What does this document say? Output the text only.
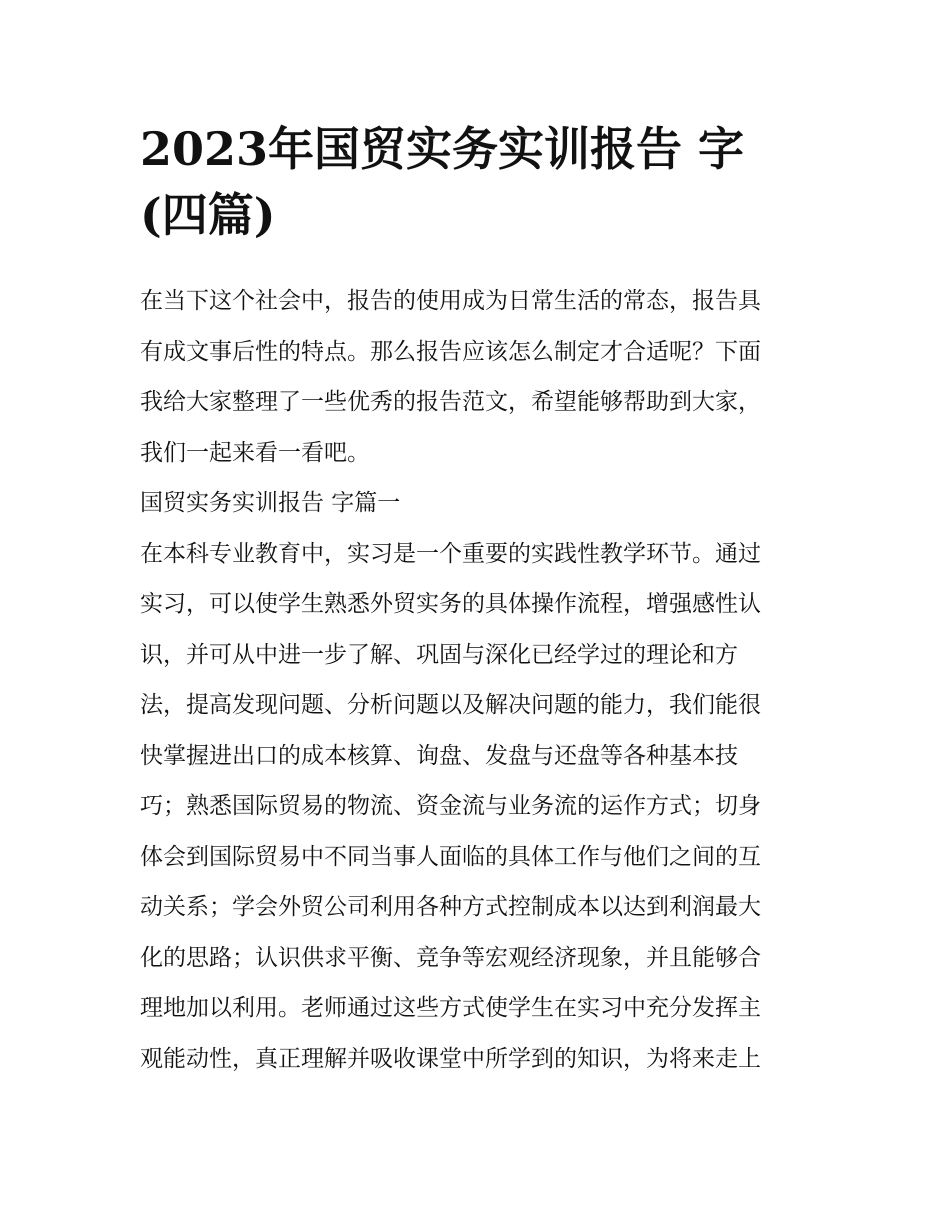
2023年国贸实务实训报告 字
(四篇)
在当下这个社会中，报告的使用成为日常生活的常态，报告具
有成文事后性的特点。那么报告应该怎么制定才合适呢？下面
我给大家整理了一些优秀的报告范文，希望能够帮助到大家，
我们一起来看一看吧。
国贸实务实训报告 字篇一
在本科专业教育中，实习是一个重要的实践性教学环节。通过
实习，可以使学生熟悉外贸实务的具体操作流程，增强感性认
识，并可从中进一步了解、巩固与深化已经学过的理论和方
法，提高发现问题、分析问题以及解决问题的能力，我们能很
快掌握进出口的成本核算、询盘、发盘与还盘等各种基本技
巧；熟悉国际贸易的物流、资金流与业务流的运作方式；切身
体会到国际贸易中不同当事人面临的具体工作与他们之间的互
动关系；学会外贸公司利用各种方式控制成本以达到利润最大
化的思路；认识供求平衡、竞争等宏观经济现象，并且能够合
理地加以利用。老师通过这些方式使学生在实习中充分发挥主
观能动性，真正理解并吸收课堂中所学到的知识，为将来走上
